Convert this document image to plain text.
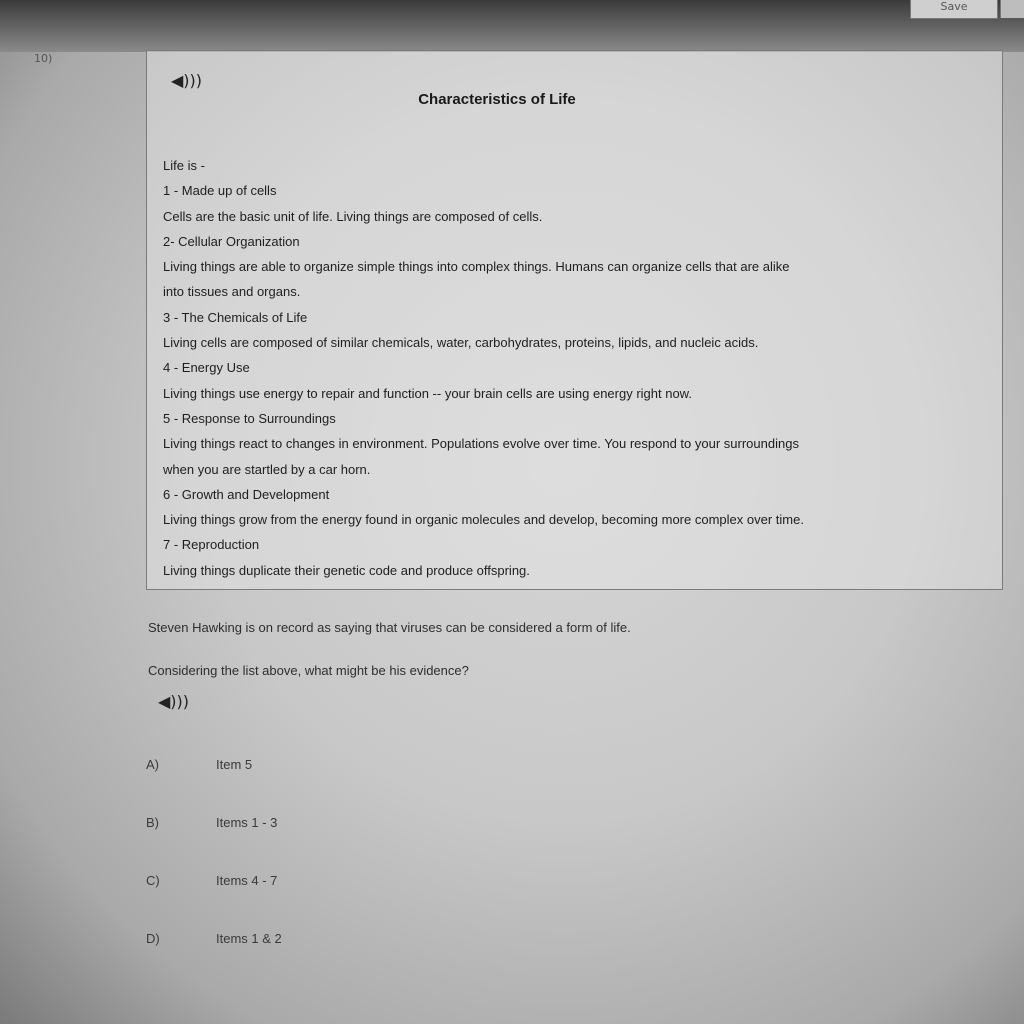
Save
10)
◀)))
Characteristics of Life
Life is -
1 - Made up of cells
Cells are the basic unit of life. Living things are composed of cells.
2- Cellular Organization
Living things are able to organize simple things into complex things. Humans can organize cells that are alike
into tissues and organs.
3 - The Chemicals of Life
Living cells are composed of similar chemicals, water, carbohydrates, proteins, lipids, and nucleic acids.
4 - Energy Use
Living things use energy to repair and function -- your brain cells are using energy right now.
5 - Response to Surroundings
Living things react to changes in environment. Populations evolve over time. You respond to your surroundings
when you are startled by a car horn.
6 - Growth and Development
Living things grow from the energy found in organic molecules and develop, becoming more complex over time.
7 - Reproduction
Living things duplicate their genetic code and produce offspring.
Steven Hawking is on record as saying that viruses can be considered a form of life.
Considering the list above, what might be his evidence?
◀)))
A)	Item 5
B)	Items 1 - 3
C)	Items 4 - 7
D)	Items 1 & 2
